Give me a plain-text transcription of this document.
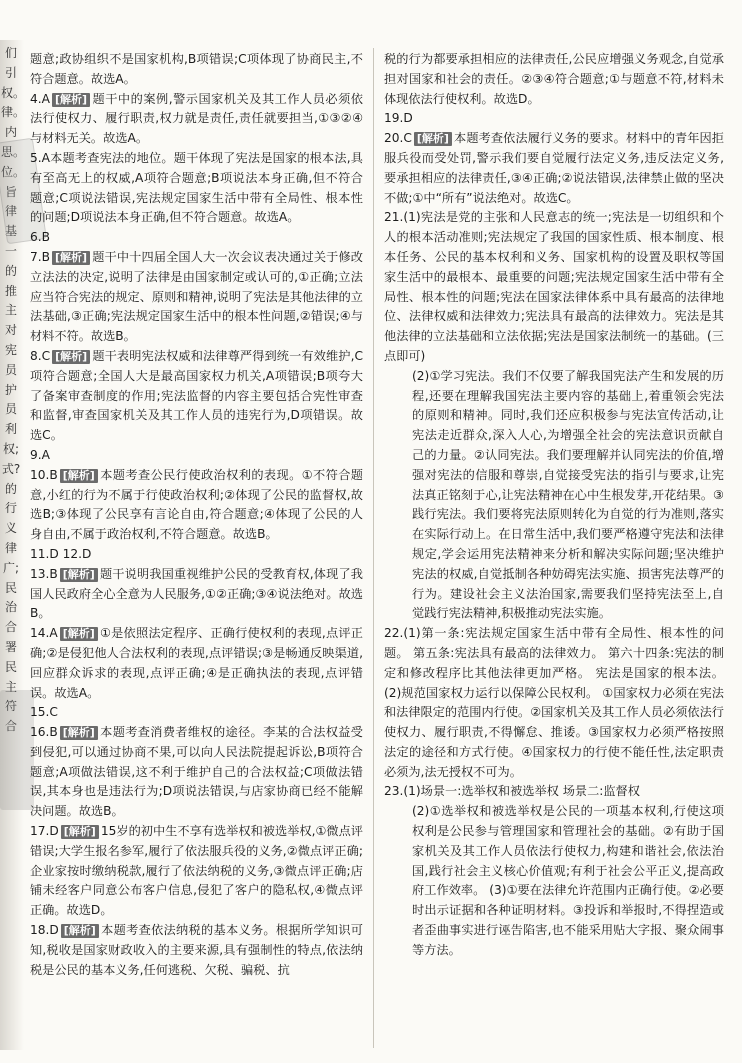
们引权。律。内思。位。旨律基一的推主对宪员护员利权;式?的行义律广;民治合署民主符合

题意;政协组织不是国家机构,B项错误;C项体现了协商民主,不符合题意。故选A。

4.A [解析] 题干中的案例,警示国家机关及其工作人员必须依法行使权力、履行职责,权力就是责任,责任就要担当,①③②④与材料无关。故选A。

5.A本题考查宪法的地位。题干体现了宪法是国家的根本法,具有至高无上的权威,A项符合题意;B项说法本身正确,但不符合题意;C项说法错误,宪法规定国家生活中带有全局性、根本性的问题;D项说法本身正确,但不符合题意。故选A。

6.B

7.B [解析] 题干中十四届全国人大一次会议表决通过关于修改立法法的决定,说明了法律是由国家制定或认可的,①正确;立法应当符合宪法的规定、原则和精神,说明了宪法是其他法律的立法基础,③正确;宪法规定国家生活中的根本性问题,②错误;④与材料不符。故选B。

8.C [解析] 题干表明宪法权威和法律尊严得到统一有效维护,C项符合题意;全国人大是最高国家权力机关,A项错误;B项夸大了备案审查制度的作用;宪法监督的内容主要包括合宪性审查和监督,审查国家机关及其工作人员的违宪行为,D项错误。故选C。

9.A

10.B [解析] 本题考查公民行使政治权利的表现。①不符合题意,小红的行为不属于行使政治权利;②体现了公民的监督权,故选B;③体现了公民享有言论自由,符合题意;④体现了公民的人身自由,不属于政治权利,不符合题意。故选B。

11.D 12.D

13.B [解析] 题干说明我国重视维护公民的受教育权,体现了我国人民政府全心全意为人民服务,①②正确;③④说法绝对。故选B。

14.A [解析] ①是依照法定程序、正确行使权利的表现,点评正确;②是侵犯他人合法权利的表现,点评错误;③是畅通反映渠道,回应群众诉求的表现,点评正确;④是正确执法的表现,点评错误。故选A。

15.C

16.B [解析] 本题考查消费者维权的途径。李某的合法权益受到侵犯,可以通过协商不果,可以向人民法院提起诉讼,B项符合题意;A项做法错误,这不利于维护自己的合法权益;C项做法错误,其本身也是违法行为;D项说法错误,与店家协商已经不能解决问题。故选B。

17.D [解析] 15岁的初中生不享有选举权和被选举权,①微点评错误;大学生报名参军,履行了依法服兵役的义务,②微点评正确;企业家按时缴纳税款,履行了依法纳税的义务,③微点评正确;店铺未经客户同意公布客户信息,侵犯了客户的隐私权,④微点评正确。故选D。

18.D [解析] 本题考查依法纳税的基本义务。根据所学知识可知,税收是国家财政收入的主要来源,具有强制性的特点,依法纳税是公民的基本义务,任何逃税、欠税、骗税、抗

税的行为都要承担相应的法律责任,公民应增强义务观念,自觉承担对国家和社会的责任。②③④符合题意;①与题意不符,材料未体现依法行使权利。故选D。

19.D

20.C [解析] 本题考查依法履行义务的要求。材料中的青年因拒服兵役而受处罚,警示我们要自觉履行法定义务,违反法定义务,要承担相应的法律责任,③④正确;②说法错误,法律禁止做的坚决不做;①中“所有”说法绝对。故选C。

21.(1)宪法是党的主张和人民意志的统一;宪法是一切组织和个人的根本活动准则;宪法规定了我国的国家性质、根本制度、根本任务、公民的基本权利和义务、国家机构的设置及职权等国家生活中的最根本、最重要的问题;宪法规定国家生活中带有全局性、根本性的问题;宪法在国家法律体系中具有最高的法律地位、法律权威和法律效力;宪法具有最高的法律效力。宪法是其他法律的立法基础和立法依据;宪法是国家法制统一的基础。(三点即可)

(2)①学习宪法。我们不仅要了解我国宪法产生和发展的历程,还要在理解我国宪法主要内容的基础上,着重领会宪法的原则和精神。同时,我们还应积极参与宪法宣传活动,让宪法走近群众,深入人心,为增强全社会的宪法意识贡献自己的力量。②认同宪法。我们要理解并认同宪法的价值,增强对宪法的信服和尊崇,自觉接受宪法的指引与要求,让宪法真正铭刻于心,让宪法精神在心中生根发芽,开花结果。③践行宪法。我们要将宪法原则转化为自觉的行为准则,落实在实际行动上。在日常生活中,我们要严格遵守宪法和法律规定,学会运用宪法精神来分析和解决实际问题;坚决维护宪法的权威,自觉抵制各种妨碍宪法实施、损害宪法尊严的行为。建设社会主义法治国家,需要我们坚持宪法至上,自觉践行宪法精神,积极推动宪法实施。

22.(1)第一条:宪法规定国家生活中带有全局性、根本性的问题。 第五条:宪法具有最高的法律效力。 第六十四条:宪法的制定和修改程序比其他法律更加严格。 宪法是国家的根本法。 (2)规范国家权力运行以保障公民权利。 ①国家权力必须在宪法和法律限定的范围内行使。②国家机关及其工作人员必须依法行使权力、履行职责,不得懈怠、推诿。③国家权力必须严格按照法定的途径和方式行使。④国家权力的行使不能任性,法定职责必须为,法无授权不可为。

23.(1)场景一:选举权和被选举权 场景二:监督权

(2)①选举权和被选举权是公民的一项基本权利,行使这项权利是公民参与管理国家和管理社会的基础。②有助于国家机关及其工作人员依法行使权力,构建和谐社会,依法治国,践行社会主义核心价值观;有利于社会公平正义,提高政府工作效率。 (3)①要在法律允许范围内正确行使。②必要时出示证据和各种证明材料。③投诉和举报时,不得捏造或者歪曲事实进行诬告陷害,也不能采用贴大字报、聚众闹事等方法。
